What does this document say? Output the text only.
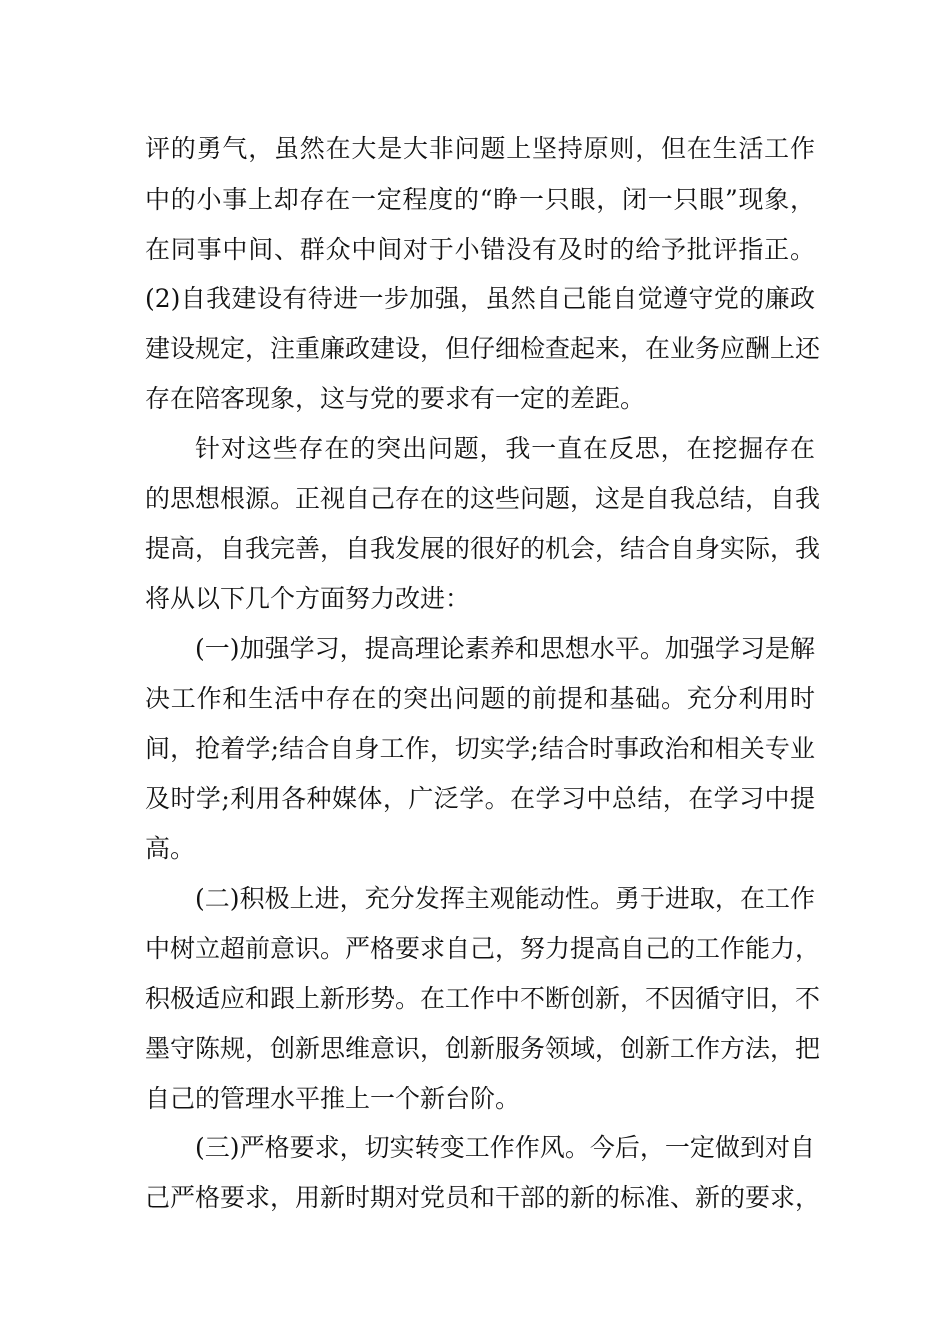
评的勇气，虽然在大是大非问题上坚持原则，但在生活工作
中的小事上却存在一定程度的“睁一只眼，闭一只眼”现象，
在同事中间、群众中间对于小错没有及时的给予批评指正。
(2)自我建设有待进一步加强，虽然自己能自觉遵守党的廉政
建设规定，注重廉政建设，但仔细检查起来，在业务应酬上还
存在陪客现象，这与党的要求有一定的差距。
针对这些存在的突出问题，我一直在反思，在挖掘存在
的思想根源。正视自己存在的这些问题，这是自我总结，自我
提高，自我完善，自我发展的很好的机会，结合自身实际，我
将从以下几个方面努力改进：
(一)加强学习，提高理论素养和思想水平。加强学习是解
决工作和生活中存在的突出问题的前提和基础。充分利用时
间，抢着学;结合自身工作，切实学;结合时事政治和相关专业
及时学;利用各种媒体，广泛学。在学习中总结，在学习中提
高。
(二)积极上进，充分发挥主观能动性。勇于进取，在工作
中树立超前意识。严格要求自己，努力提高自己的工作能力，
积极适应和跟上新形势。在工作中不断创新，不因循守旧，不
墨守陈规，创新思维意识，创新服务领域，创新工作方法，把
自己的管理水平推上一个新台阶。
(三)严格要求，切实转变工作作风。今后，一定做到对自
己严格要求，用新时期对党员和干部的新的标准、新的要求，
